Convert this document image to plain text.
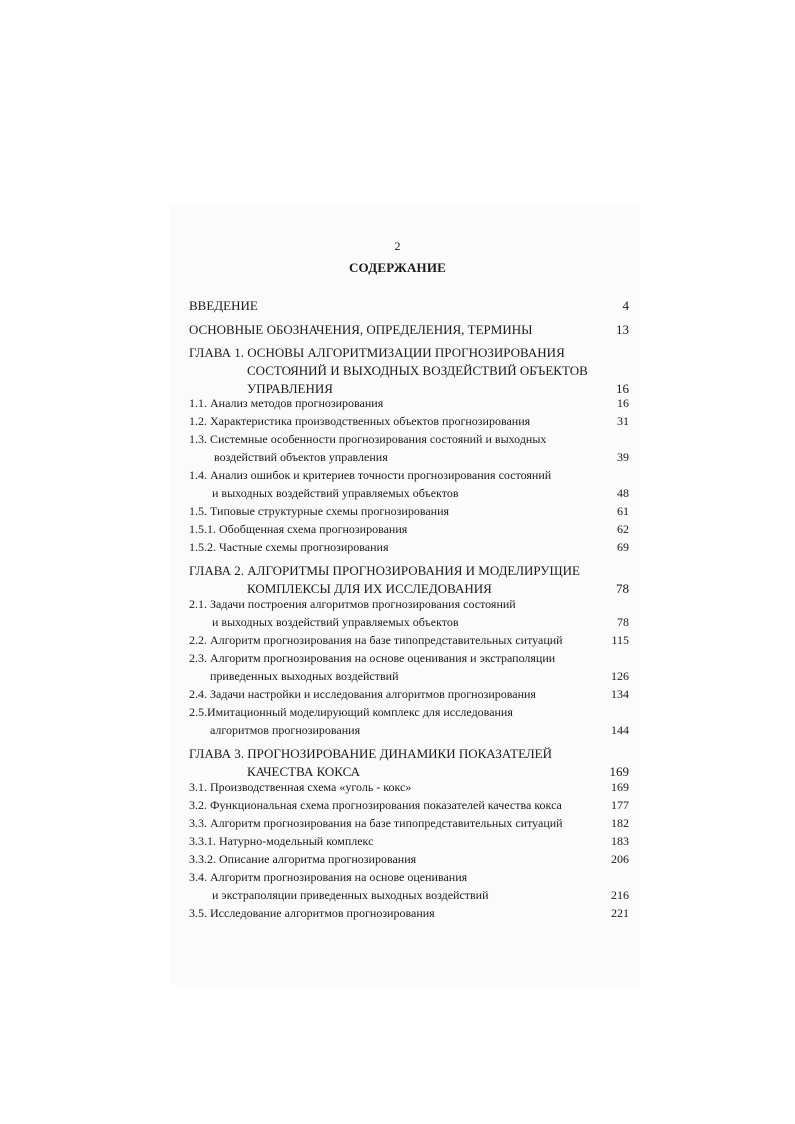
2
СОДЕРЖАНИЕ
ВВЕДЕНИЕ	4
ОСНОВНЫЕ ОБОЗНАЧЕНИЯ, ОПРЕДЕЛЕНИЯ, ТЕРМИНЫ	13
ГЛАВА 1. ОСНОВЫ АЛГОРИТМИЗАЦИИ ПРОГНОЗИРОВАНИЯ
СОСТОЯНИЙ И ВЫХОДНЫХ ВОЗДЕЙСТВИЙ ОБЪЕКТОВ
УПРАВЛЕНИЯ	16
1.1. Анализ методов прогнозирования	16
1.2. Характеристика производственных объектов прогнозирования	31
1.3. Системные особенности прогнозирования состояний и выходных
воздействий объектов управления	39
1.4. Анализ ошибок и критериев точности прогнозирования состояний
и выходных воздействий управляемых объектов	48
1.5. Типовые структурные схемы прогнозирования	61
1.5.1. Обобщенная схема прогнозирования	62
1.5.2. Частные схемы прогнозирования	69
ГЛАВА 2. АЛГОРИТМЫ ПРОГНОЗИРОВАНИЯ И МОДЕЛИРУЩИЕ
КОМПЛЕКСЫ ДЛЯ ИХ ИССЛЕДОВАНИЯ	78
2.1. Задачи построения алгоритмов прогнозирования состояний
и выходных воздействий управляемых объектов	78
2.2. Алгоритм прогнозирования на базе типопредставительных ситуаций	115
2.3. Алгоритм прогнозирования на основе оценивания и экстраполяции
приведенных выходных воздействий	126
2.4. Задачи настройки и исследования алгоритмов прогнозирования	134
2.5.Имитационный моделирующий комплекс для исследования
алгоритмов прогнозирования	144
ГЛАВА 3. ПРОГНОЗИРОВАНИЕ ДИНАМИКИ ПОКАЗАТЕЛЕЙ
КАЧЕСТВА КОКСА	169
3.1. Производственная схема «уголь - кокс»	169
3.2. Функциональная схема прогнозирования показателей качества кокса	177
3.3. Алгоритм прогнозирования на базе типопредставительных ситуаций	182
3.3.1. Натурно-модельный комплекс	183
3.3.2. Описание алгоритма прогнозирования	206
3.4. Алгоритм прогнозирования на основе оценивания
и экстраполяции приведенных выходных воздействий	216
3.5. Исследование алгоритмов прогнозирования	221
